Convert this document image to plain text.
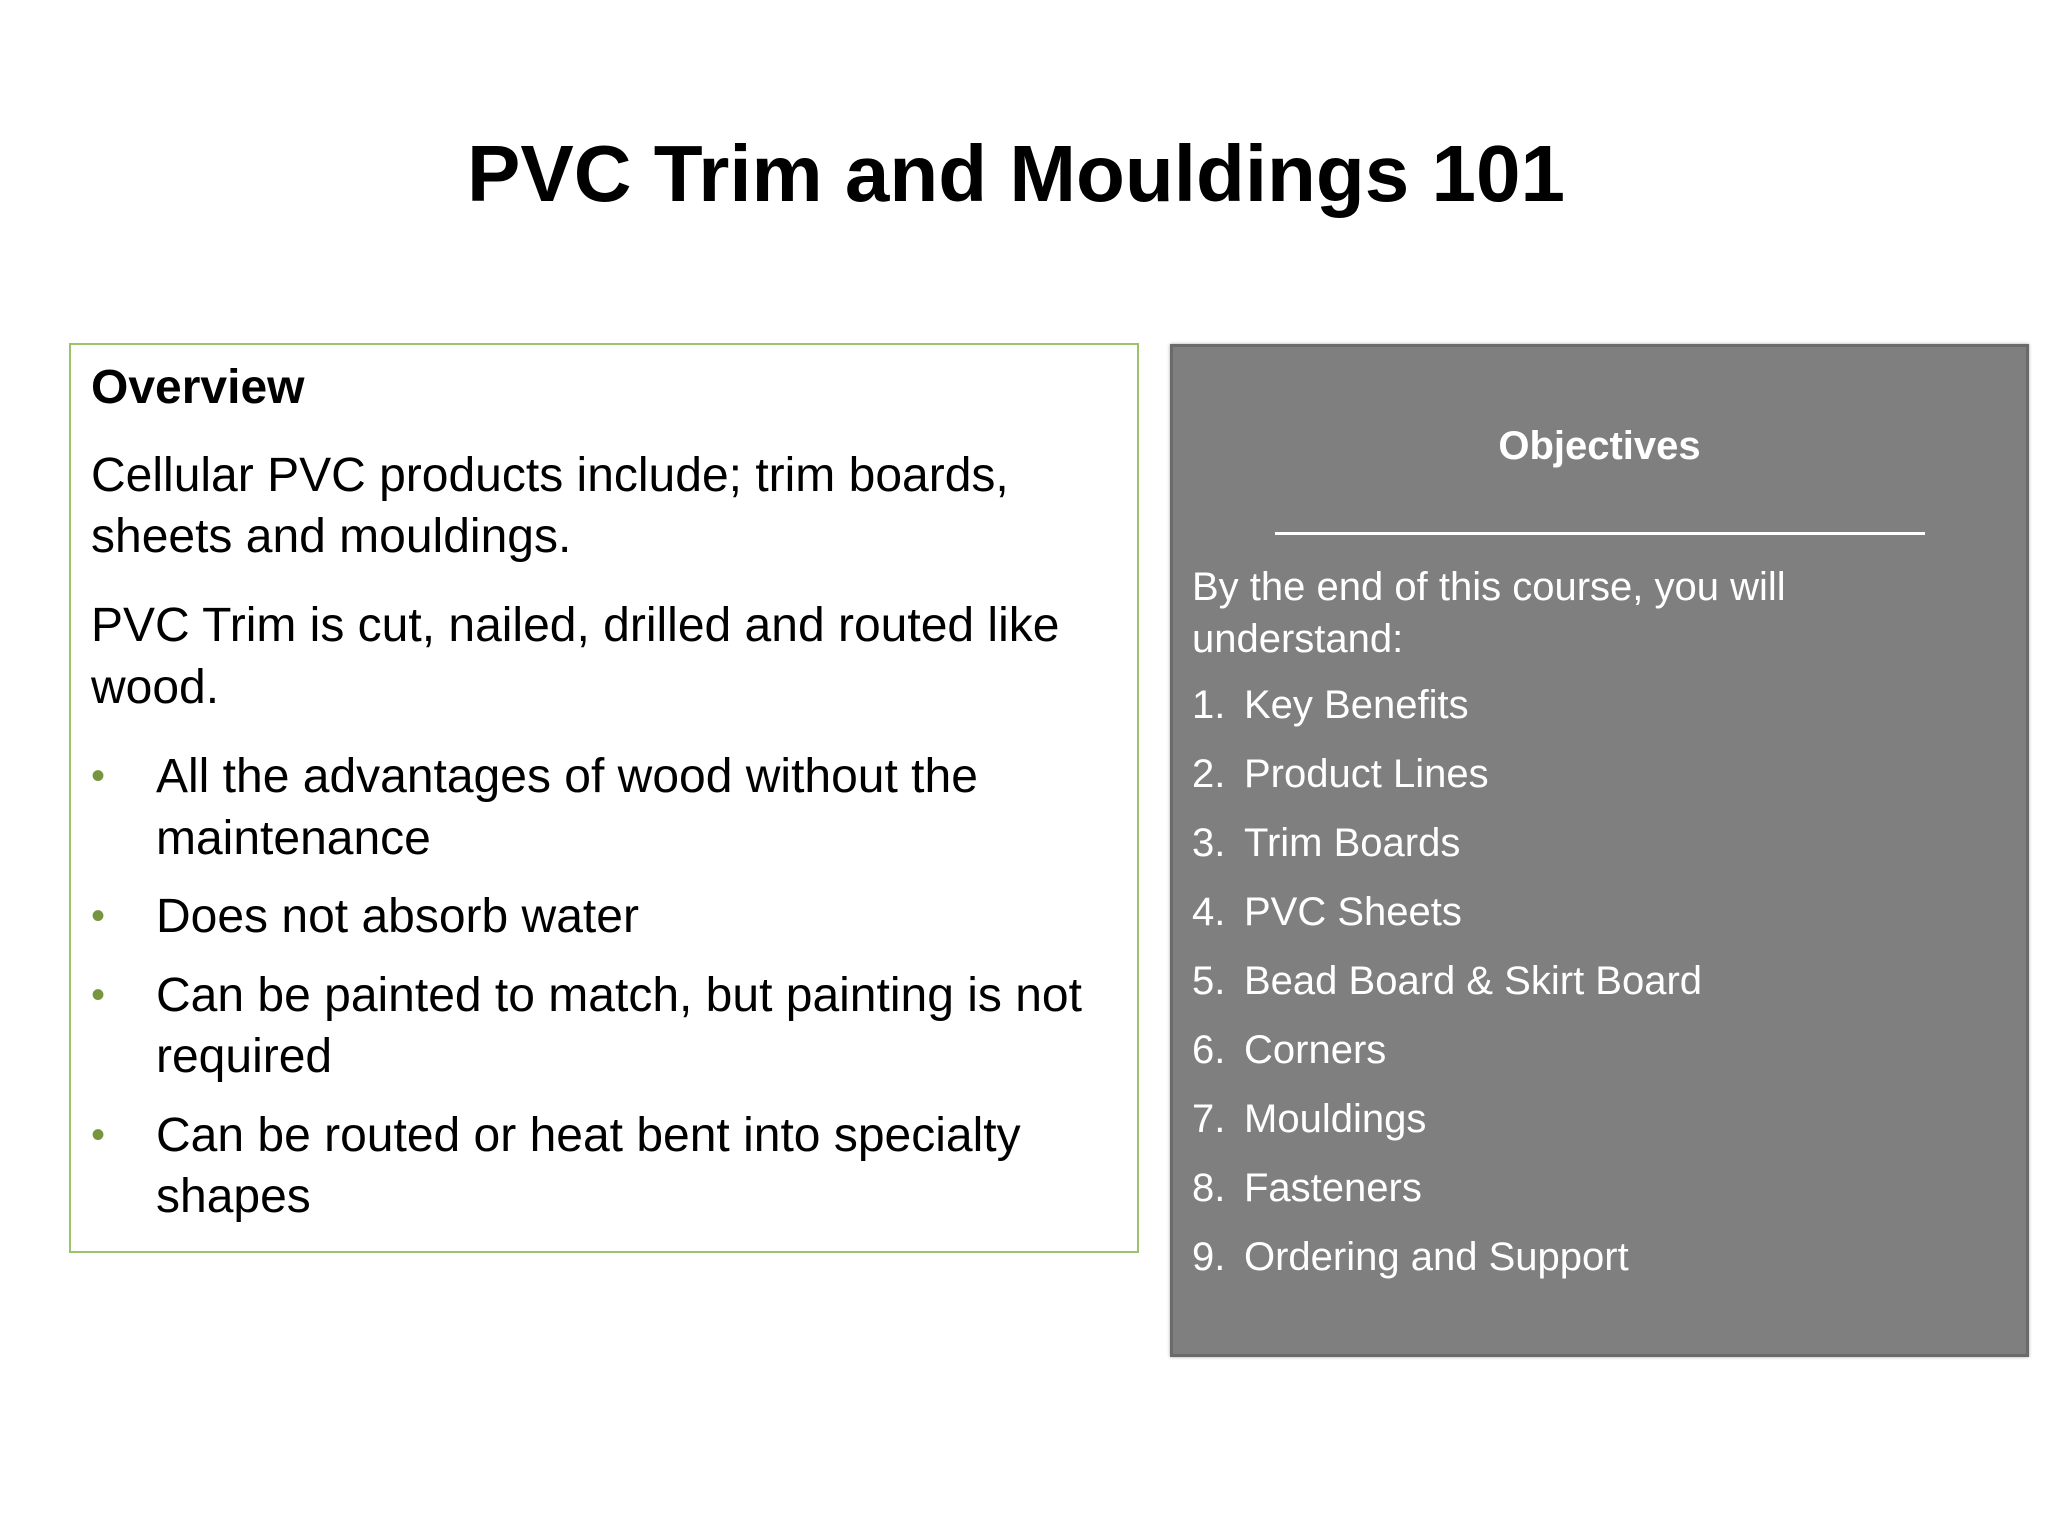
PVC Trim and Mouldings 101
Overview

Cellular PVC products include; trim boards, sheets and mouldings.

PVC Trim is cut, nailed, drilled and routed like wood.

• All the advantages of wood without the maintenance
• Does not absorb water
• Can be painted to match, but painting is not required
• Can be routed or heat bent into specialty shapes
Objectives

By the end of this course, you will understand:

1. Key Benefits
2. Product Lines
3. Trim Boards
4. PVC Sheets
5. Bead Board & Skirt Board
6. Corners
7. Mouldings
8. Fasteners
9. Ordering and Support
